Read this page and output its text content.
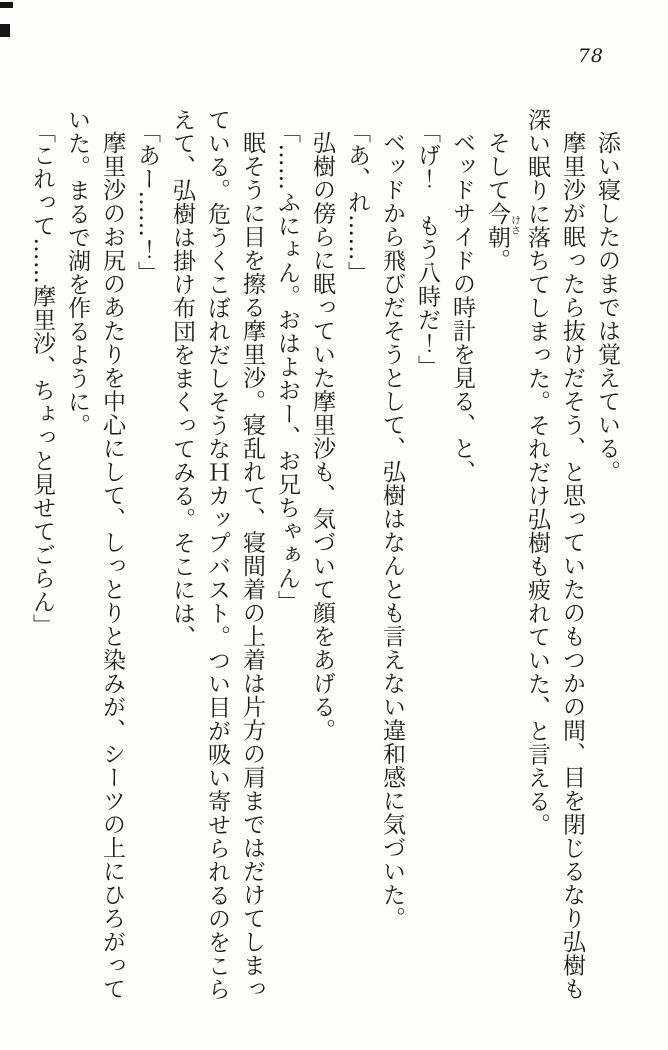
78
添い寝したのまでは覚えている。
摩里沙が眠ったら抜けだそう、と思っていたのもつかの間、目を閉じるなり弘樹も
深い眠りに落ちてしまった。それだけ弘樹も疲れていた、と言える。
そして今朝けさ。
ベッドサイドの時計を見る、と、
「げ！　もう八時だ！」
ベッドから飛びだそうとして、弘樹はなんとも言えない違和感に気づいた。
「あ、れ……」
弘樹の傍らに眠っていた摩里沙も、気づいて顔をあげる。
「……ふにょん。おはよおー、お兄ちゃぁん」
眠そうに目を擦る摩里沙。寝乱れて、寝間着の上着は片方の肩まではだけてしまっ
ている。危うくこぼれだしそうなＨカップバスト。つい目が吸い寄せられるのをこら
えて、弘樹は掛け布団をまくってみる。そこには、
「あー……！」
摩里沙のお尻のあたりを中心にして、しっとりと染みが、シーツの上にひろがって
いた。まるで湖を作るように。
「これって……摩里沙、ちょっと見せてごらん」
